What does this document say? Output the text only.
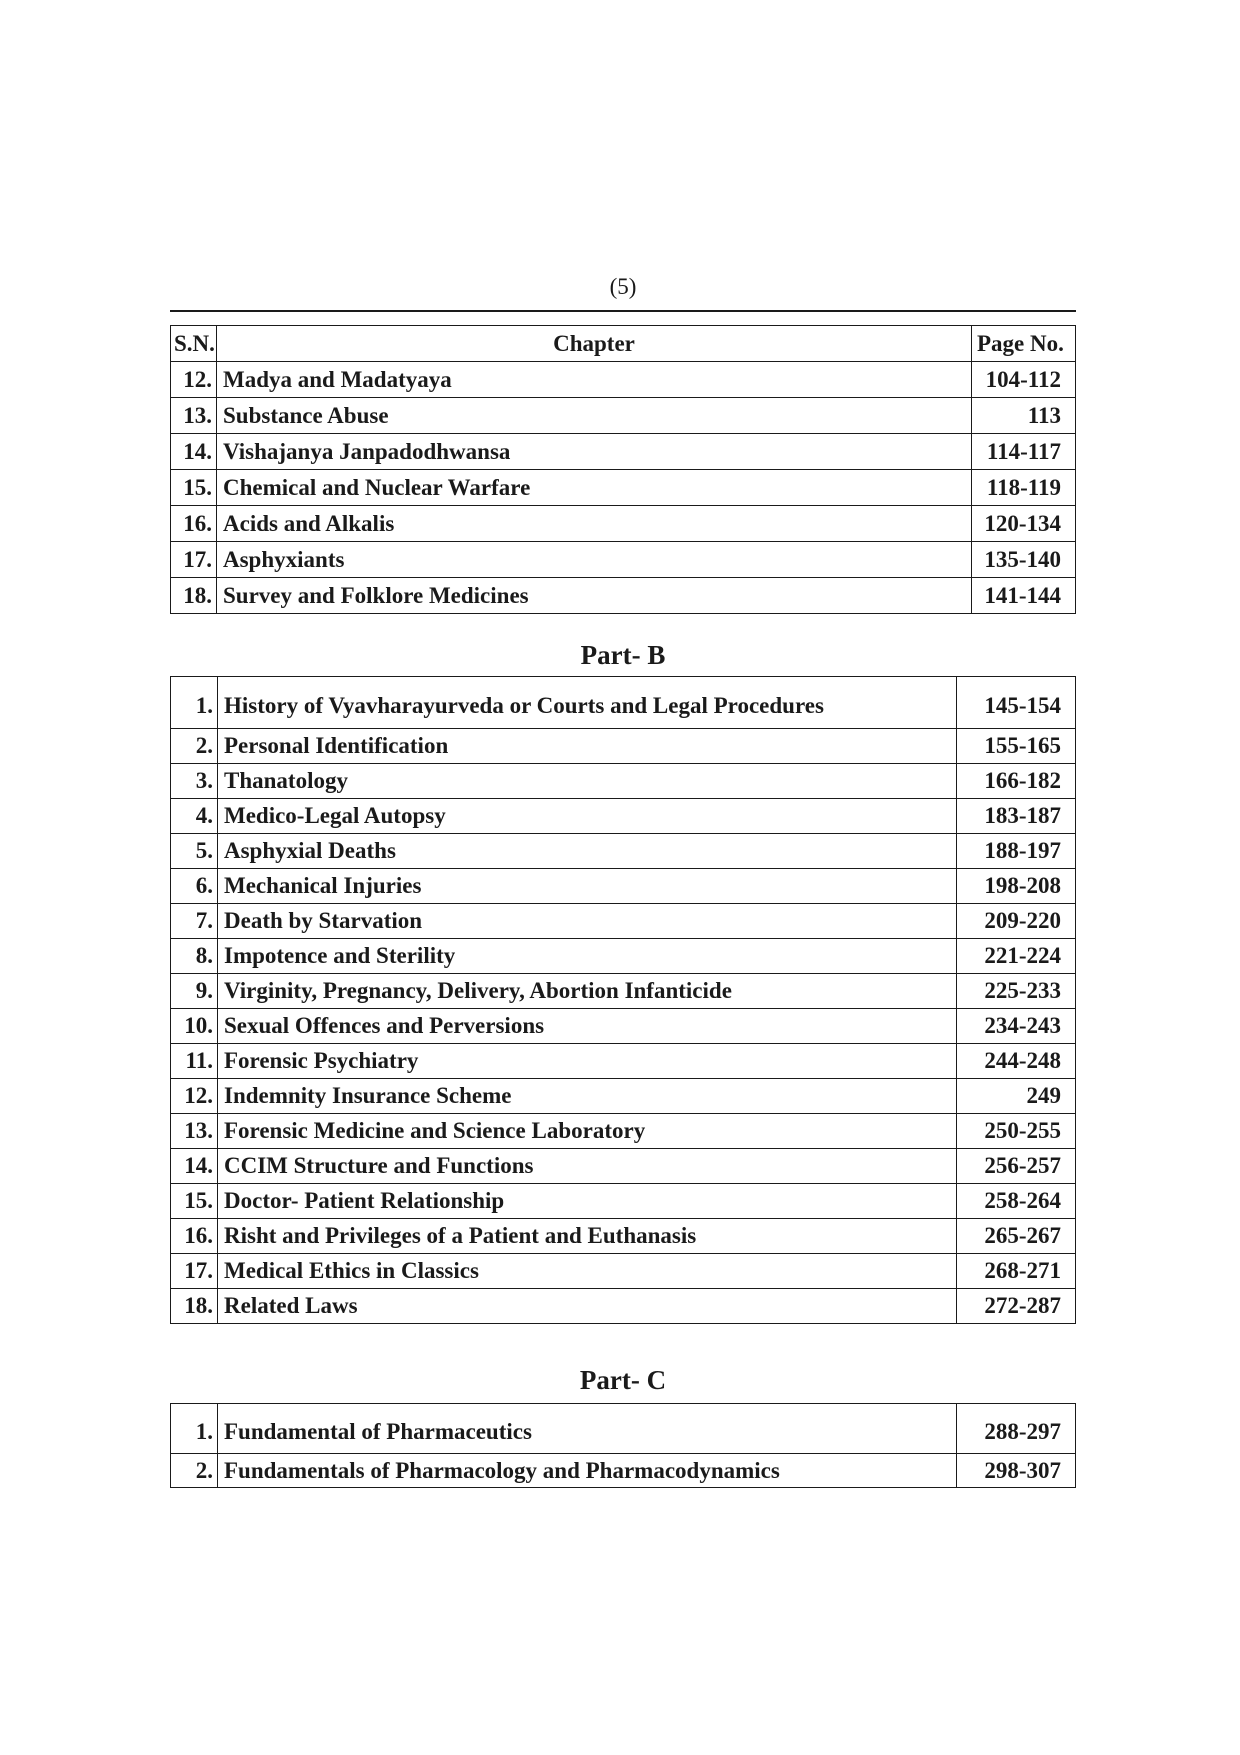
(5)
S.N.	Chapter	Page No.
12.	Madya and Madatyaya	104-112
13.	Substance Abuse	113
14.	Vishajanya Janpadodhwansa	114-117
15.	Chemical and Nuclear Warfare	118-119
16.	Acids and Alkalis	120-134
17.	Asphyxiants	135-140
18.	Survey and Folklore Medicines	141-144
Part- B
1.	History of Vyavharayurveda or Courts and Legal Procedures	145-154
2.	Personal Identification	155-165
3.	Thanatology	166-182
4.	Medico-Legal Autopsy	183-187
5.	Asphyxial Deaths	188-197
6.	Mechanical Injuries	198-208
7.	Death by Starvation	209-220
8.	Impotence and Sterility	221-224
9.	Virginity, Pregnancy, Delivery, Abortion Infanticide	225-233
10.	Sexual Offences and Perversions	234-243
11.	Forensic Psychiatry	244-248
12.	Indemnity Insurance Scheme	249
13.	Forensic Medicine and Science Laboratory	250-255
14.	CCIM Structure and Functions	256-257
15.	Doctor- Patient Relationship	258-264
16.	Risht and Privileges of a Patient and Euthanasis	265-267
17.	Medical Ethics in Classics	268-271
18.	Related Laws	272-287
Part- C
1.	Fundamental of Pharmaceutics	288-297
2.	Fundamentals of Pharmacology and Pharmacodynamics	298-307
